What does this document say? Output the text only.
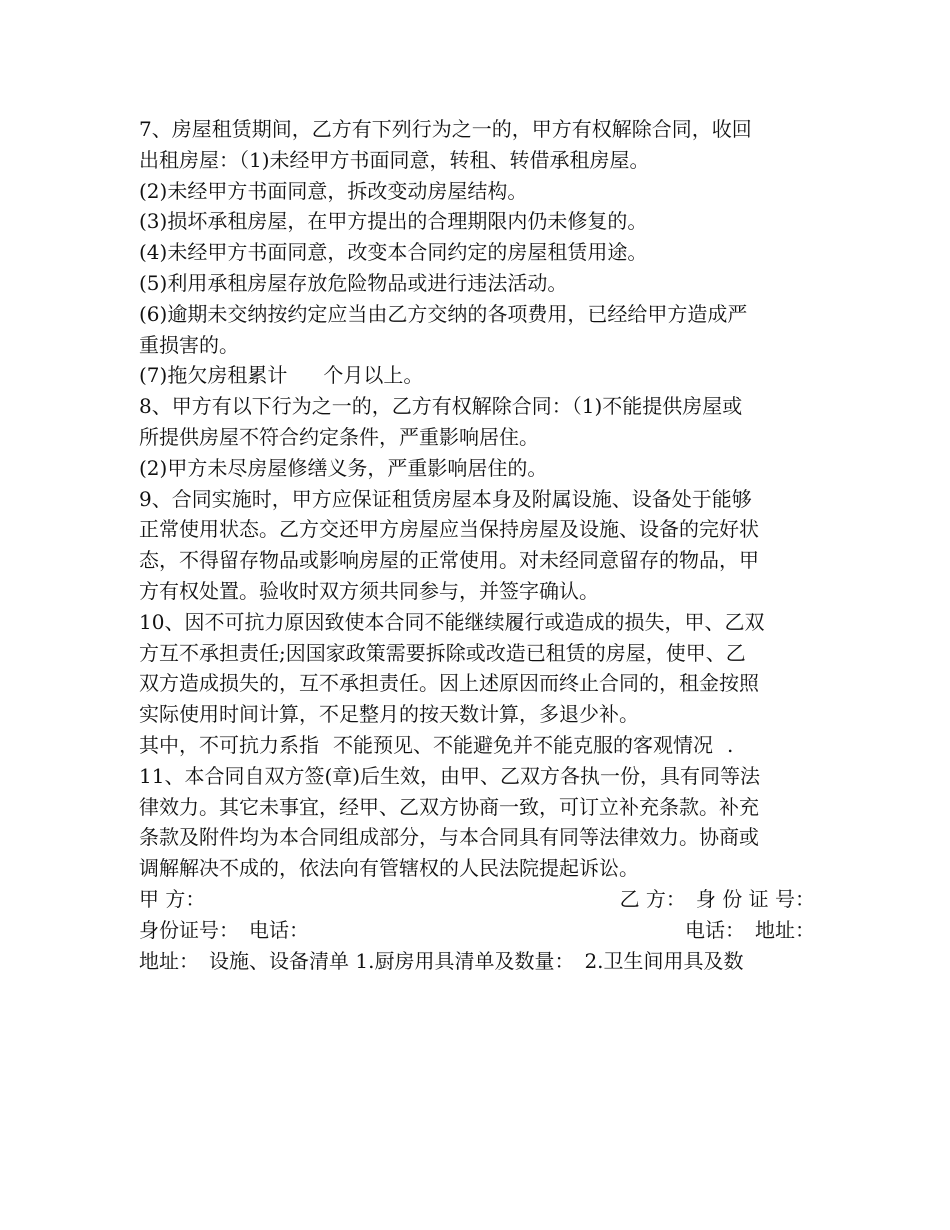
7、房屋租赁期间，乙方有下列行为之一的，甲方有权解除合同，收回
出租房屋：（1)未经甲方书面同意，转租、转借承租房屋。
(2)未经甲方书面同意，拆改变动房屋结构。
(3)损坏承租房屋，在甲方提出的合理期限内仍未修复的。
(4)未经甲方书面同意，改变本合同约定的房屋租赁用途。
(5)利用承租房屋存放危险物品或进行违法活动。
(6)逾期未交纳按约定应当由乙方交纳的各项费用，已经给甲方造成严
重损害的。
(7)拖欠房租累计 个月以上。
8、甲方有以下行为之一的，乙方有权解除合同：（1)不能提供房屋或
所提供房屋不符合约定条件，严重影响居住。
(2)甲方未尽房屋修缮义务，严重影响居住的。
9、合同实施时，甲方应保证租赁房屋本身及附属设施、设备处于能够
正常使用状态。乙方交还甲方房屋应当保持房屋及设施、设备的完好状
态，不得留存物品或影响房屋的正常使用。对未经同意留存的物品，甲
方有权处置。验收时双方须共同参与，并签字确认。
10、因不可抗力原因致使本合同不能继续履行或造成的损失，甲、乙双
方互不承担责任;因国家政策需要拆除或改造已租赁的房屋，使甲、乙
双方造成损失的，互不承担责任。因上述原因而终止合同的，租金按照
实际使用时间计算，不足整月的按天数计算，多退少补。
其中，不可抗力系指 不能预见、不能避免并不能克服的客观情况 .
11、本合同自双方签(章)后生效，由甲、乙双方各执一份，具有同等法
律效力。其它未事宜，经甲、乙双方协商一致，可订立补充条款。补充
条款及附件均为本合同组成部分，与本合同具有同等法律效力。协商或
调解解决不成的，依法向有管辖权的人民法院提起诉讼。
甲 方：	乙 方：　身 份 证 号：
身份证号：　电话：	电话：　地址：
地址：　设施、设备清单 1.厨房用具清单及数量：　2.卫生间用具及数
